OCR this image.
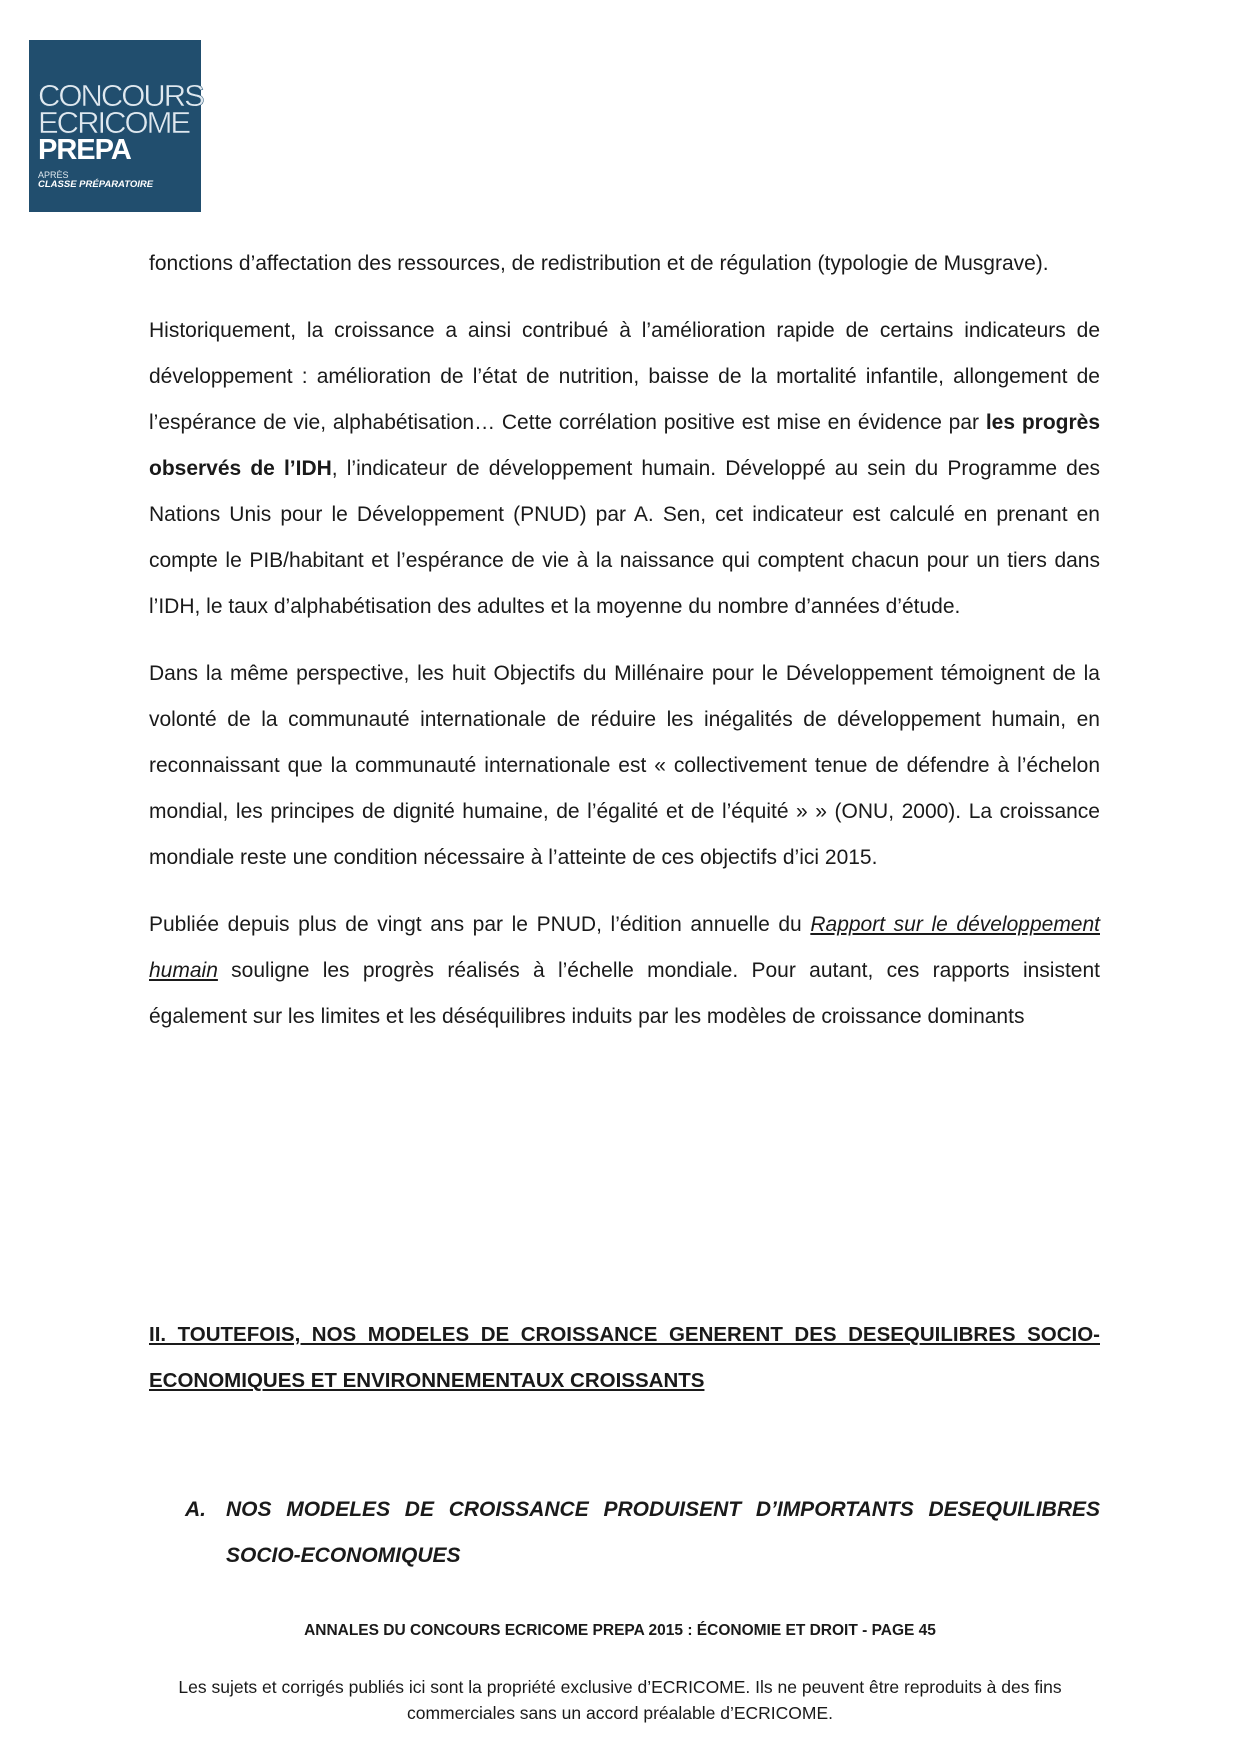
CONCOURS
ECRICOME
PREPA
APRÈS
CLASSE PRÉPARATOIRE

fonctions d’affectation des ressources, de redistribution et de régulation (typologie de Musgrave).

Historiquement, la croissance a ainsi contribué à l’amélioration rapide de certains indicateurs de développement : amélioration de l’état de nutrition, baisse de la mortalité infantile, allongement de l’espérance de vie, alphabétisation… Cette corrélation positive est mise en évidence par les progrès observés de l’IDH, l’indicateur de développement humain. Développé au sein du Programme des Nations Unis pour le Développement (PNUD) par A. Sen, cet indicateur est calculé en prenant en compte le PIB/habitant et l’espérance de vie à la naissance qui comptent chacun pour un tiers dans l’IDH, le taux d’alphabétisation des adultes et la moyenne du nombre d’années d’étude.

Dans la même perspective, les huit Objectifs du Millénaire pour le Développement témoignent de la volonté de la communauté internationale de réduire les inégalités de développement humain, en reconnaissant que la communauté internationale est « collectivement tenue de défendre à l’échelon mondial, les principes de dignité humaine, de l’égalité et de l’équité » » (ONU, 2000). La croissance mondiale reste une condition nécessaire à l’atteinte de ces objectifs d’ici 2015.

Publiée depuis plus de vingt ans par le PNUD, l’édition annuelle du Rapport sur le développement humain souligne les progrès réalisés à l’échelle mondiale. Pour autant, ces rapports insistent également sur les limites et les déséquilibres induits par les modèles de croissance dominants

II. TOUTEFOIS, NOS MODELES DE CROISSANCE GENERENT DES DESEQUILIBRES SOCIO-ECONOMIQUES ET ENVIRONNEMENTAUX CROISSANTS
A. NOS MODELES DE CROISSANCE PRODUISENT D’IMPORTANTS DESEQUILIBRES SOCIO-ECONOMIQUES
ANNALES DU CONCOURS ECRICOME PREPA 2015 : ÉCONOMIE ET DROIT - PAGE 45
Les sujets et corrigés publiés ici sont la propriété exclusive d’ECRICOME. Ils ne peuvent être reproduits à des fins commerciales sans un accord préalable d’ECRICOME.
